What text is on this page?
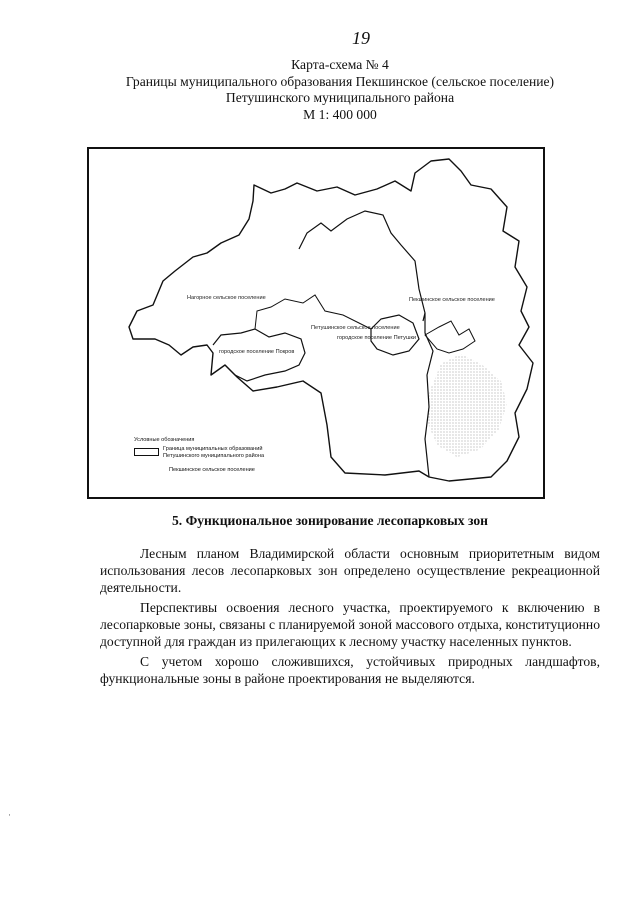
19
Карта-схема № 4
Границы муниципального образования Пекшинское (сельское поселение)
Петушинского муниципального района
М 1: 400 000
Нагорное сельское поселение	Пекшинское сельское поселение
Петушинское сельское поселение
городское поселение Покров
городское поселение Петушки
Условные обозначения
Граница муниципальных образований
Петушинского муниципального района
Пекшинское сельское поселение
5. Функциональное зонирование лесопарковых зон

Лесным планом Владимирской области основным приоритетным видом использования лесов лесопарковых зон определено осуществление рекреационной деятельности.

Перспективы освоения лесного участка, проектируемого к включению в лесопарковые зоны, связаны с планируемой зоной массового отдыха, конституционно доступной для граждан из прилегающих к лесному участку населенных пунктов.

С учетом хорошо сложившихся, устойчивых природных ландшафтов, функциональные зоны в районе проектирования не выделяются.

·
